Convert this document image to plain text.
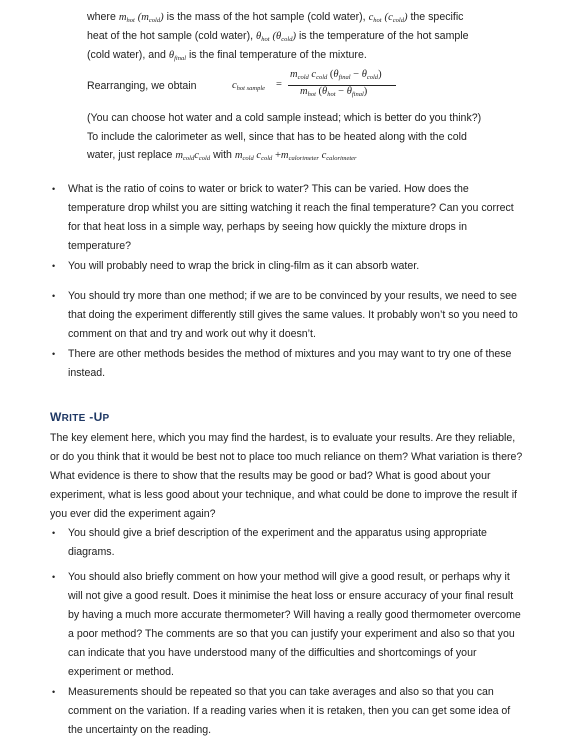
where $m_{hot}$ $(m_{cold})$ is the mass of the hot sample (cold water), $c_{hot}$ $(c_{cold})$ the specific
heat of the hot sample (cold water), $\theta_{hot}$ $(\theta_{cold})$ is the temperature of the hot sample
(cold water), and $\theta_{final}$ is the final temperature of the mixture.
Rearranging, we obtain	$c_{hot sample}$ =
$m_{cold}$ $c_{cold}$ $(\theta_{final} - \theta_{cold})$
$m_{hot}$ $(\theta_{hot} - \theta_{final})$
(You can choose hot water and a cold sample instead; which is better do you think?)
To include the calorimeter as well, since that has to be heated along with the cold
water, just replace $m_{cold}c_{cold}$ with $m_{cold}$ $c_{cold} +m_{calorimeter}$ $c_{calorimeter}$
•	What is the ratio of coins to water or brick to water? This can be varied. How does the temperature drop whilst you are sitting watching it reach the final temperature? Can you correct for that heat loss in a simple way, perhaps by seeing how quickly the mixture drops in temperature?
•	You will probably need to wrap the brick in cling-film as it can absorb water.
•	You should try more than one method; if we are to be convinced by your results, we need to see that doing the experiment differently still gives the same values. It probably won’t so you need to comment on that and try and work out why it doesn’t.
•	There are other methods besides the method of mixtures and you may want to try one of these instead.
WRITE -UP
The key element here, which you may find the hardest, is to evaluate your results. Are they reliable, or do you think that it would be best not to place too much reliance on them? What variation is there? What evidence is there to show that the results may be good or bad? What is good about your experiment, what is less good about your technique, and what could be done to improve the result if you ever did the experiment again?
•	You should give a brief description of the experiment and the apparatus using appropriate diagrams.
•	You should also briefly comment on how your method will give a good result, or perhaps why it will not give a good result. Does it minimise the heat loss or ensure accuracy of your final result by having a much more accurate thermometer? Will having a really good thermometer overcome a poor method? The comments are so that you can justify your experiment and also so that you can indicate that you have understood many of the difficulties and shortcomings of your experiment or method.
•	Measurements should be repeated so that you can take averages and also so that you can comment on the variation. If a reading varies when it is retaken, then you can get some idea of the uncertainty on the reading.
